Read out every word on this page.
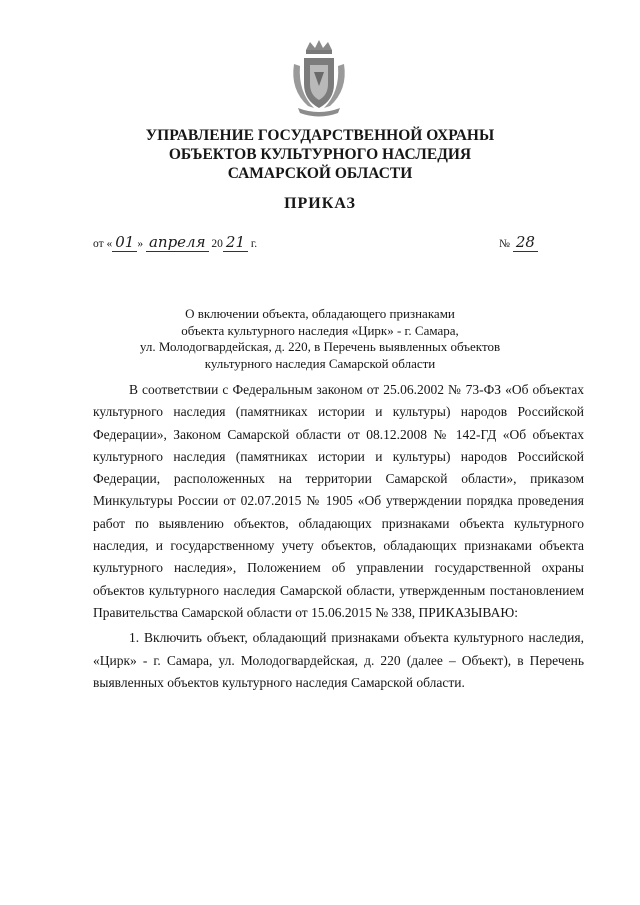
УПРАВЛЕНИЕ ГОСУДАРСТВЕННОЙ ОХРАНЫ
ОБЪЕКТОВ КУЛЬТУРНОГО НАСЛЕДИЯ
САМАРСКОЙ ОБЛАСТИ
ПРИКАЗ
от « 01 » апреля 20 21 г.	№ 28
О включении объекта, обладающего признаками
объекта культурного наследия «Цирк» - г. Самара,
ул. Молодогвардейская, д. 220, в Перечень выявленных объектов
культурного наследия Самарской области

В соответствии с Федеральным законом от 25.06.2002 № 73-ФЗ «Об объектах культурного наследия (памятниках истории и культуры) народов Российской Федерации», Законом Самарской области от 08.12.2008 № 142-ГД «Об объектах культурного наследия (памятниках истории и культуры) народов Российской Федерации, расположенных на территории Самарской области», приказом Минкультуры России от 02.07.2015 № 1905 «Об утверждении порядка проведения работ по выявлению объектов, обладающих признаками объекта культурного наследия, и государственному учету объектов, обладающих признаками объекта культурного наследия», Положением об управлении государственной охраны объектов культурного наследия Самарской области, утвержденным постановлением Правительства Самарской области от 15.06.2015 № 338, ПРИКАЗЫВАЮ:

1. Включить объект, обладающий признаками объекта культурного наследия, «Цирк» - г. Самара, ул. Молодогвардейская, д. 220 (далее – Объект), в Перечень выявленных объектов культурного наследия Самарской области.
